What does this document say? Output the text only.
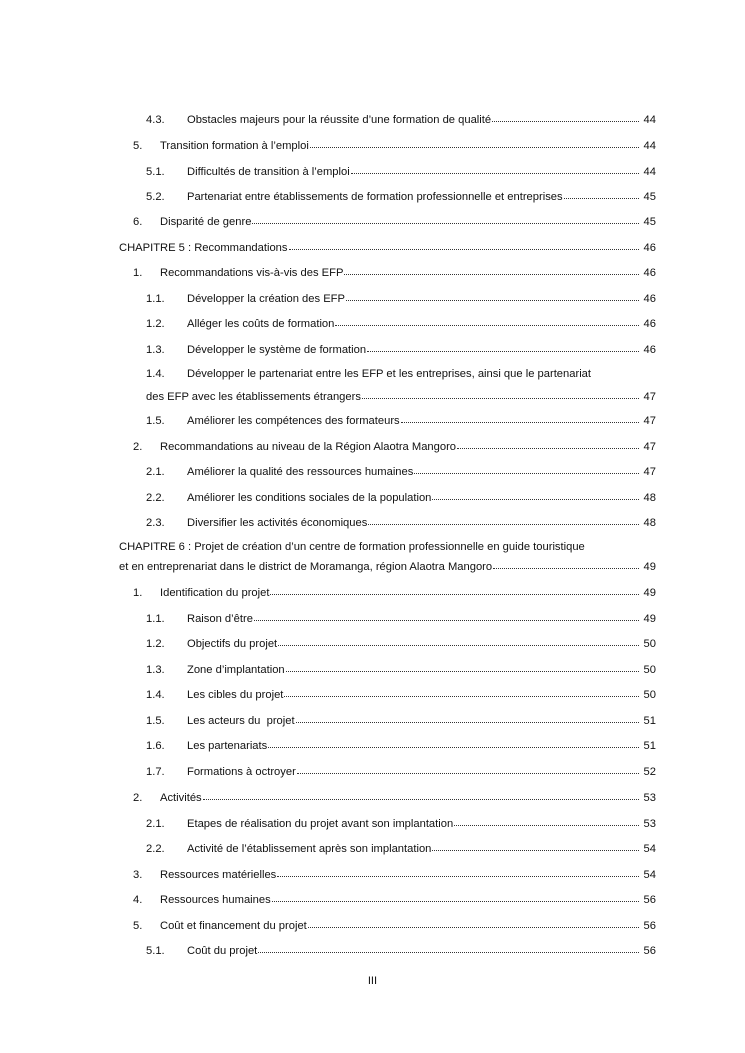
4.3.	Obstacles majeurs pour la réussite d’une formation de qualité	44
5.	Transition formation à l’emploi	44
5.1.	Difficultés de transition à l’emploi	44
5.2.	Partenariat entre établissements de formation professionnelle et entreprises	45
6.	Disparité de genre	45
CHAPITRE 5 : Recommandations	46
1.	Recommandations vis-à-vis des EFP	46
1.1.	Développer la création des EFP	46
1.2.	Alléger les coûts de formation	46
1.3.	Développer le système de formation	46
1.4.	Développer le partenariat entre les EFP et les entreprises, ainsi que le partenariat
des EFP avec les établissements étrangers	47
1.5.	Améliorer les compétences des formateurs	47
2.	Recommandations au niveau de la Région Alaotra Mangoro	47
2.1.	Améliorer la qualité des ressources humaines	47
2.2.	Améliorer les conditions sociales de la population	48
2.3.	Diversifier les activités économiques	48
CHAPITRE 6 : Projet de création d’un centre de formation professionnelle en guide touristique
et en entreprenariat dans le district de Moramanga, région Alaotra Mangoro	49
1.	Identification du projet	49
1.1.	Raison d’être	49
1.2.	Objectifs du projet	50
1.3.	Zone d’implantation	50
1.4.	Les cibles du projet	50
1.5.	Les acteurs du  projet	51
1.6.	Les partenariats	51
1.7.	Formations à octroyer	52
2.	Activités	53
2.1.	Etapes de réalisation du projet avant son implantation	53
2.2.	Activité de l’établissement après son implantation	54
3.	Ressources matérielles	54
4.	Ressources humaines	56
5.	Coût et financement du projet	56
5.1.	Coût du projet	56
III
